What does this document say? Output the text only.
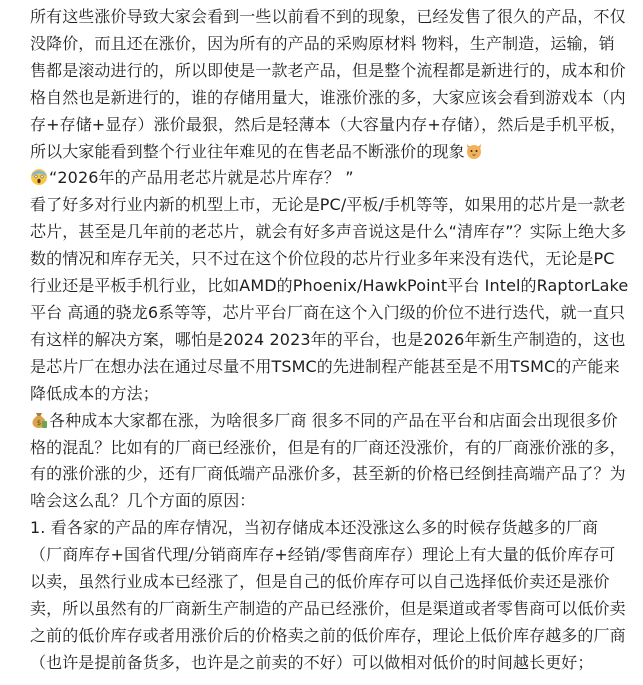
所有这些涨价导致大家会看到一些以前看不到的现象，已经发售了很久的产品，不仅没降价，而且还在涨价，因为所有的产品的采购原材料 物料，生产制造，运输，销售都是滚动进行的，所以即使是一款老产品，但是整个流程都是新进行的，成本和价格自然也是新进行的，谁的存储用量大，谁涨价涨的多，大家应该会看到游戏本（内存+存储+显存）涨价最狠，然后是轻薄本（大容量内存+存储），然后是手机平板，所以大家能看到整个行业往年难见的在售老品不断涨价的现象

“2026年的产品用老芯片就是芯片库存？ ”

看了好多对行业内新的机型上市，无论是PC/平板/手机等等，如果用的芯片是一款老芯片，甚至是几年前的老芯片，就会有好多声音说这是什么“清库存”？实际上绝大多数的情况和库存无关，只不过在这个价位段的芯片行业多年来没有迭代，无论是PC行业还是平板手机行业，比如AMD的Phoenix/HawkPoint平台 Intel的RaptorLake平台 高通的骁龙6系等等，芯片平台厂商在这个入门级的价位不进行迭代，就一直只有这样的解决方案，哪怕是2024 2023年的平台，也是2026年新生产制造的，这也是芯片厂在想办法在通过尽量不用TSMC的先进制程产能甚至是不用TSMC的产能来降低成本的方法；

$ 各种成本大家都在涨，为啥很多厂商 很多不同的产品在平台和店面会出现很多价格的混乱？比如有的厂商已经涨价，但是有的厂商还没涨价，有的厂商涨价涨的多，有的涨价涨的少，还有厂商低端产品涨价多，甚至新的价格已经倒挂高端产品了？为啥会这么乱？几个方面的原因：

1. 看各家的产品的库存情况，当初存储成本还没涨这么多的时候存货越多的厂商（厂商库存+国省代理/分销商库存+经销/零售商库存）理论上有大量的低价库存可以卖，虽然行业成本已经涨了，但是自己的低价库存可以自己选择低价卖还是涨价卖，所以虽然有的厂商新生产制造的产品已经涨价，但是渠道或者零售商可以低价卖之前的低价库存或者用涨价后的价格卖之前的低价库存，理论上低价库存越多的厂商（也许是提前备货多，也许是之前卖的不好）可以做相对低价的时间越长更好；
